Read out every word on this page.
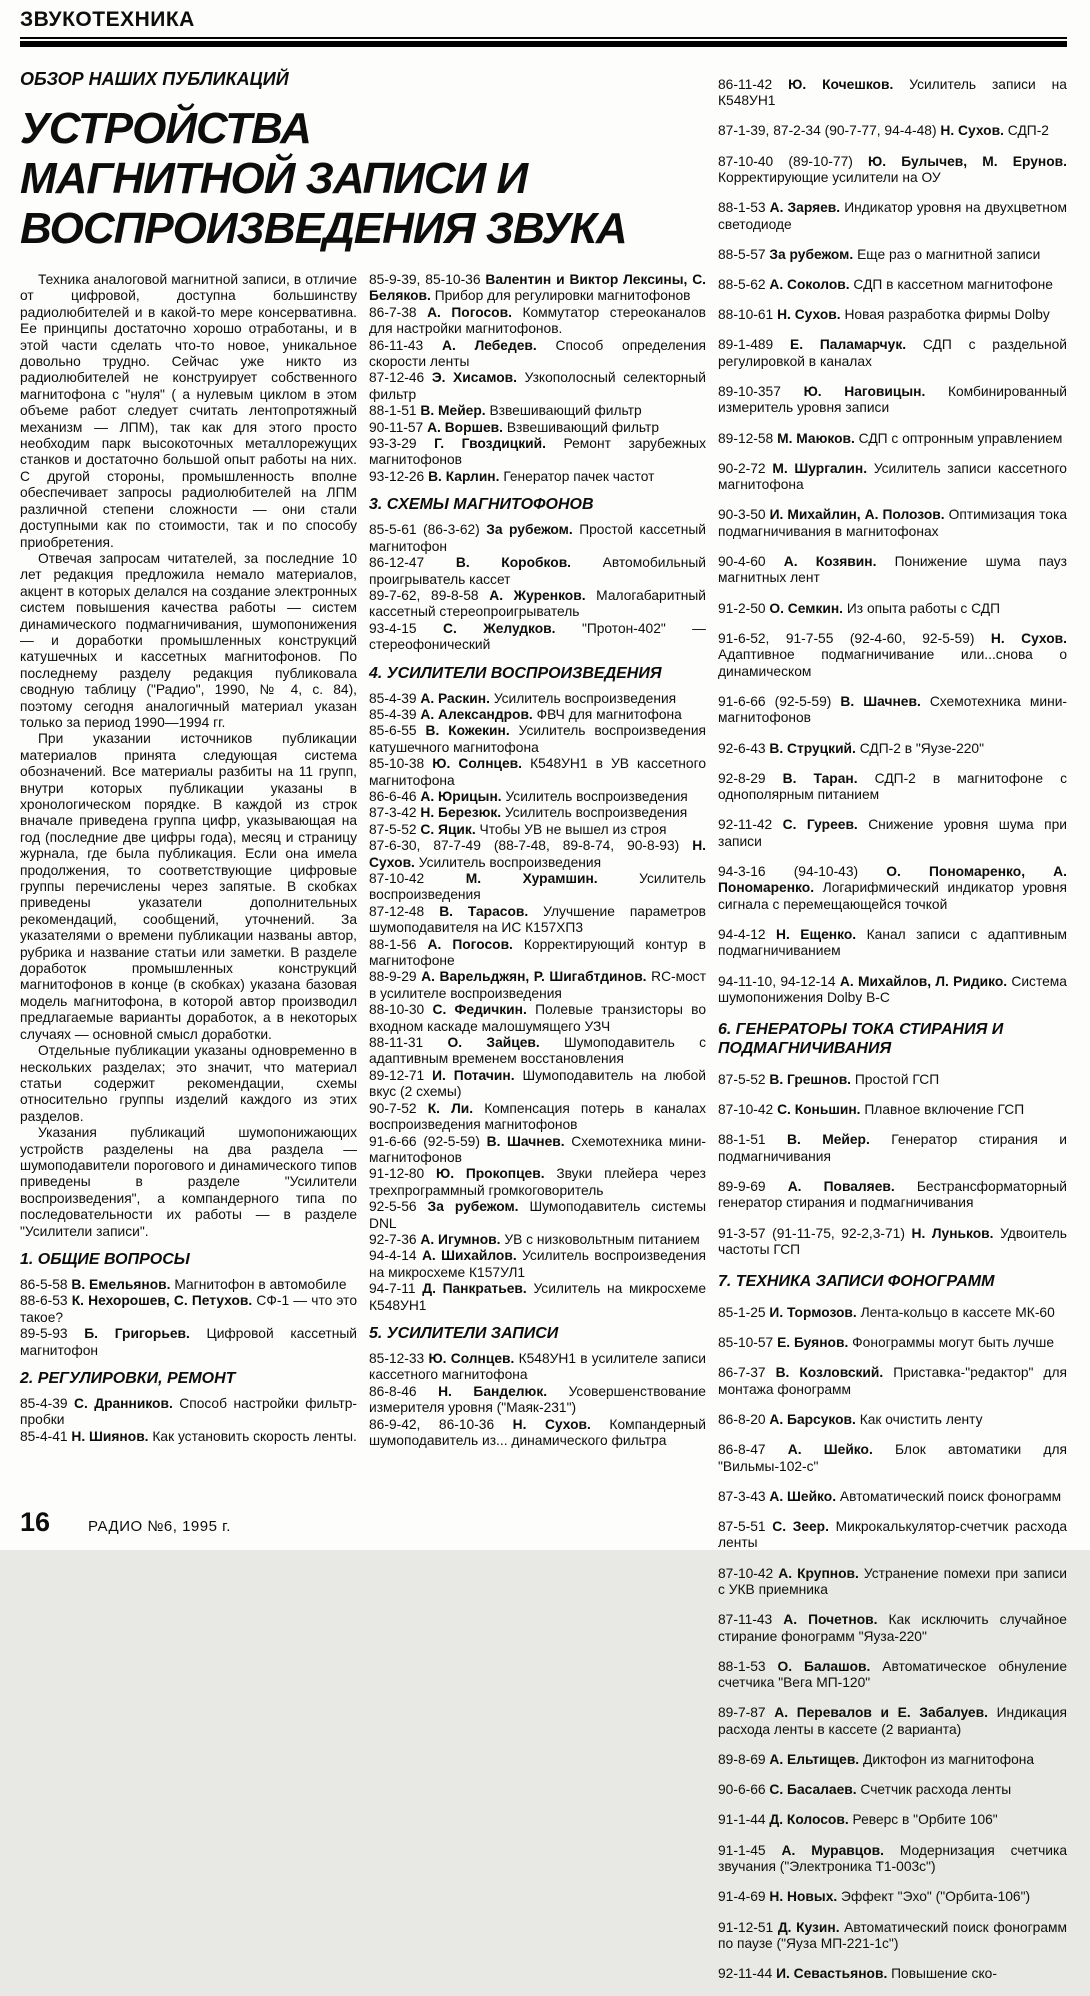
ЗВУКОТЕХНИКА
ОБЗОР НАШИХ ПУБЛИКАЦИЙ
УСТРОЙСТВА
МАГНИТНОЙ ЗАПИСИ И
ВОСПРОИЗВЕДЕНИЯ ЗВУКА

Техника аналоговой магнитной записи, в отличие от цифровой, доступна большинству радиолюбителей и в какой-то мере консервативна. Ее принципы достаточно хорошо отработаны, и в этой части сделать что-то новое, уникальное довольно трудно. Сейчас уже никто из радиолюбителей не конструирует собственного магнитофона с "нуля" ( а нулевым циклом в этом объеме работ следует считать лентопротяжный механизм — ЛПМ), так как для этого просто необходим парк высокоточных металлорежущих станков и достаточно большой опыт работы на них. С другой стороны, промышленность вполне обеспечивает запросы радиолюбителей на ЛПМ различной степени сложности — они стали доступными как по стоимости, так и по способу приобретения.

Отвечая запросам читателей, за последние 10 лет редакция предложила немало материалов, акцент в которых делался на создание электронных систем повышения качества работы — систем динамического подмагничивания, шумопонижения — и доработки промышленных конструкций катушечных и кассетных магнитофонов. По последнему разделу редакция публиковала сводную таблицу ("Радио", 1990, № 4, с. 84), поэтому сегодня аналогичный материал указан только за период 1990—1994 гг.

При указании источников публикации материалов принята следующая система обозначений. Все материалы разбиты на 11 групп, внутри которых публикации указаны в хронологическом порядке. В каждой из строк вначале приведена группа цифр, указывающая на год (последние две цифры года), месяц и страницу журнала, где была публикация. Если она имела продолжения, то соответствующие цифровые группы перечислены через запятые. В скобках приведены указатели дополнительных рекомендаций, сообщений, уточнений. За указателями о времени публикации названы автор, рубрика и название статьи или заметки. В разделе доработок промышленных конструкций магнитофонов в конце (в скобках) указана базовая модель магнитофона, в которой автор производил предлагаемые варианты доработок, а в некоторых случаях — основной смысл доработки.

Отдельные публикации указаны одновременно в нескольких разделах; это значит, что материал статьи содержит рекомендации, схемы относительно группы изделий каждого из этих разделов.

Указания публикаций шумопонижающих устройств разделены на два раздела — шумоподавители порогового и динамического типов приведены в разделе "Усилители воспроизведения", а компандерного типа по последовательности их работы — в разделе "Усилители записи".

1. ОБЩИЕ ВОПРОСЫ

86-5-58 В. Емельянов. Магнитофон в автомобиле

88-6-53 К. Нехорошев, С. Петухов. СФ-1 — что это такое?

89-5-93 Б. Григорьев. Цифровой кассетный магнитофон

2. РЕГУЛИРОВКИ, РЕМОНТ

85-4-39 С. Дранников. Способ настройки фильтр-пробки

85-4-41 Н. Шиянов. Как установить скорость ленты.

85-9-39, 85-10-36 Валентин и Виктор Лексины, С. Беляков. Прибор для регулировки магнитофонов

86-7-38 А. Погосов. Коммутатор стереоканалов для настройки магнитофонов.

86-11-43 А. Лебедев. Способ определения скорости ленты

87-12-46 Э. Хисамов. Узкополосный селекторный фильтр

88-1-51 В. Мейер. Взвешивающий фильтр

90-11-57 А. Воршев. Взвешивающий фильтр

93-3-29 Г. Гвоздицкий. Ремонт зарубежных магнитофонов

93-12-26 В. Карлин. Генератор пачек частот

3. СХЕМЫ МАГНИТОФОНОВ

85-5-61 (86-3-62) За рубежом. Простой кассетный магнитофон

86-12-47 В. Коробков. Автомобильный проигрыватель кассет

89-7-62, 89-8-58 А. Журенков. Малогабаритный кассетный стереопроигрыватель

93-4-15 С. Желудков. "Протон-402" — стереофонический

4. УСИЛИТЕЛИ ВОСПРОИЗВЕДЕНИЯ

85-4-39 А. Раскин. Усилитель воспроизведения

85-4-39 А. Александров. ФВЧ для магнитофона

85-6-55 В. Кожекин. Усилитель воспроизведения катушечного магнитофона

85-10-38 Ю. Солнцев. К548УН1 в УВ кассетного магнитофона

86-6-46 А. Юрицын. Усилитель воспроизведения

87-3-42 Н. Березюк. Усилитель воспроизведения

87-5-52 С. Яцик. Чтобы УВ не вышел из строя

87-6-30, 87-7-49 (88-7-48, 89-8-74, 90-8-93) Н. Сухов. Усилитель воспроизведения

87-10-42	М. Хурамшин.	Усилитель воспроизведения

87-12-48 В. Тарасов. Улучшение параметров шумоподавителя на ИС К157ХП3

88-1-56 А. Погосов. Корректирующий контур в магнитофоне

88-9-29 А. Варельджян, Р. Шигабтдинов. RC-мост в усилителе воспроизведения

88-10-30 С. Федичкин. Полевые транзисторы во входном каскаде малошумящего УЗЧ

88-11-31 О. Зайцев. Шумоподавитель с адаптивным временем восстановления

89-12-71 И. Потачин. Шумоподавитель на любой вкус (2 схемы)

90-7-52 К. Ли. Компенсация потерь в каналах воспроизведения магнитофонов

91-6-66 (92-5-59) В. Шачнев. Схемотехника мини-магнитофонов

91-12-80 Ю. Прокопцев. Звуки плейера через трехпрограммный громкоговоритель

92-5-56 За рубежом. Шумоподавитель системы DNL

92-7-36 А. Игумнов. УВ с низковольтным питанием

94-4-14 А. Шихайлов. Усилитель воспроизведения на микросхеме К157УЛ1

94-7-11 Д. Панкратьев. Усилитель на микросхеме К548УН1

5. УСИЛИТЕЛИ ЗАПИСИ

85-12-33 Ю. Солнцев. К548УН1 в усилителе записи кассетного магнитофона

86-8-46 Н. Банделюк. Усовершенствование измерителя уровня ("Маяк-231")

86-9-42, 86-10-36 Н. Сухов. Компандерный шумоподавитель из... динамического фильтра

86-11-42 Ю. Кочешков. Усилитель записи на К548УН1

87-1-39, 87-2-34 (90-7-77, 94-4-48) Н. Сухов. СДП-2

87-10-40 (89-10-77) Ю. Булычев, М. Ерунов. Корректирующие усилители на ОУ

88-1-53 А. Заряев. Индикатор уровня на двухцветном светодиоде

88-5-57 За рубежом. Еще раз о магнитной записи

88-5-62 А. Соколов. СДП в кассетном магнитофоне

88-10-61 Н. Сухов. Новая разработка фирмы Dolby

89-1-489 Е. Паламарчук. СДП с раздельной регулировкой в каналах

89-10-357 Ю. Наговицын. Комбинированный измеритель уровня записи

89-12-58 М. Маюков. СДП с оптронным управлением

90-2-72 М. Шургалин. Усилитель записи кассетного магнитофона

90-3-50 И. Михайлин, А. Полозов. Оптимизация тока подмагничивания в магнитофонах

90-4-60 А. Козявин. Понижение шума пауз магнитных лент

91-2-50 О. Семкин. Из опыта работы с СДП

91-6-52, 91-7-55 (92-4-60, 92-5-59) Н. Сухов. Адаптивное подмагничивание или...снова о динамическом

91-6-66 (92-5-59) В. Шачнев. Схемотехника мини-магнитофонов

92-6-43 В. Струцкий. СДП-2 в "Яузе-220"

92-8-29 В. Таран. СДП-2 в магнитофоне с однополярным питанием

92-11-42 С. Гуреев. Снижение уровня шума при записи

94-3-16 (94-10-43) О. Пономаренко, А. Пономаренко. Логарифмический индикатор уровня сигнала с перемещающейся точкой

94-4-12 Н. Ещенко. Канал записи с адаптивным подмагничиванием

94-11-10, 94-12-14 А. Михайлов, Л. Ридико. Система шумопонижения Dolby B-C

6. ГЕНЕРАТОРЫ ТОКА СТИРАНИЯ И ПОДМАГНИЧИВАНИЯ

87-5-52 В. Грешнов. Простой ГСП

87-10-42 С. Коньшин. Плавное включение ГСП

88-1-51 В. Мейер. Генератор стирания и подмагничивания

89-9-69 А. Поваляев. Бестрансформаторный генератор стирания и подмагничивания

91-3-57 (91-11-75, 92-2,3-71) Н. Луньков. Удвоитель частоты ГСП

7. ТЕХНИКА ЗАПИСИ ФОНОГРАММ

85-1-25 И. Тормозов. Лента-кольцо в кассете МК-60

85-10-57 Е. Буянов. Фонограммы могут быть лучше

86-7-37 В. Козловский. Приставка-"редактор" для монтажа фонограмм

86-8-20 А. Барсуков. Как очистить ленту

86-8-47 А. Шейко. Блок автоматики для "Вильмы-102-с"

87-3-43 А. Шейко. Автоматический поиск фонограмм

87-5-51 С. Зеер. Микрокалькулятор-счетчик расхода ленты

87-10-42 А. Крупнов. Устранение помехи при записи с УКВ приемника

87-11-43 А. Почетнов. Как исключить случайное стирание фонограмм "Яуза-220"

88-1-53 О. Балашов. Автоматическое обнуление счетчика "Вега МП-120"

89-7-87 А. Перевалов и Е. Забалуев. Индикация расхода ленты в кассете (2 варианта)

89-8-69 А. Ельтищев. Диктофон из магнитофона

90-6-66 С. Басалаев. Счетчик расхода ленты

91-1-44 Д. Колосов. Реверс в "Орбите 106"

91-1-45 А. Муравцов. Модернизация счетчика звучания ("Электроника Т1-003с")

91-4-69 Н. Новых. Эффект "Эхо" ("Орбита-106")

91-12-51 Д. Кузин. Автоматический поиск фонограмм по паузе ("Яуза МП-221-1с")

92-11-44 И. Севастьянов. Повышение ско-

16	РАДИО №6, 1995 г.
